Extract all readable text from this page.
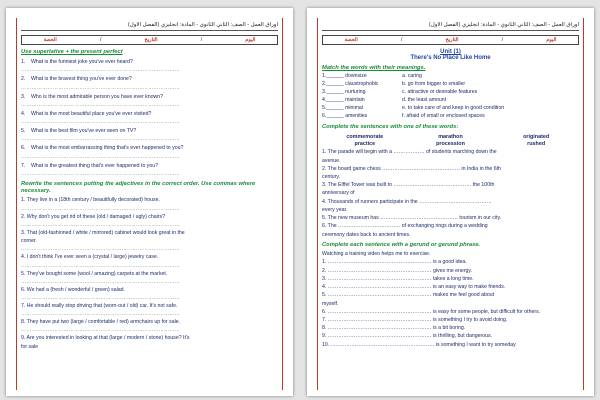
اوراق العمل - الصف: الثاني الثانوي - المادة: انجليزي (الفصل الاول)
اليوم
/
التاريخ
/
الحصة
Use superlative + the present perfect
1. What is the funniest joke you've ever heard?
………………………………………………………………………………
2. What is the bravest thing you've ever done?
………………………………………………………………………………
3. Who is the most admirable person you have ever known?
………………………………………………………………………………
4. What is the most beautiful place you've ever visited?
………………………………………………………………………………
5. What is the best film you've ever seen on TV?
………………………………………………………………………………
6. What is the most embarrassing thing that's ever happened to you?
………………………………………………………………………………
7. What is the greatest thing that's ever happened to you?
………………………………………………………………………………
Rewrite the sentences putting the adjectives in the correct order. Use commas where necessary.
1. They live in a (18th century / beautifully decorated) house.
………………………………………………………………………………
2. Why don't you get rid of these (old / damaged / ugly) chairs?
………………………………………………………………………………
3. That (old-fashioned / white / mirrored) cabinet would look great in the
corner.
………………………………………………………………………………
4. I don't think I've ever seen a (crystal / large) jewelry case.
………………………………………………………………………………
5. They've bought some (wool / amazing) carpets at the market.
………………………………………………………………………………
6. We had a (fresh / wonderful / green) salad.
………………………………………………………………………………
7. He should really stop driving that (worn-out / old) car. It's not safe.
………………………………………………………………………………
8. They have put two (large / comfortable / red) armchairs up for sale.
………………………………………………………………………………
9. Are you interested in looking at that (large / modern / stone) house? It's
for sale
اوراق العمل - الصف: الثاني الثانوي - المادة: انجليزي (الفصل الاول)
اليوم
/
التاريخ
/
الحصة
Unit (1)
There's No Place Like Home
Match the words with their meanings.
1.______ downsize	a. caring
2.______ claustrophobic	b. go from bigger to smaller
3.______ nurturing	c. attractive or desirable features
4.______ maintain	d. the least amount
5.______ minimal	e. to take care of and keep in good condition
6.______ amenities	f. afraid of small or enclosed spaces
Complete the sentences with one of these words:
commemorate	marathon	originated
practice	procession	rushed
1. The parade will begin with a ……………… of students marching down the
avenue.
2. The board game chess ……………………………………… in India in the 6th
century.
3. The Eiffel Tower was built to ……………………………………… the 100th
anniversary of
4. Thousands of runners participate in the ……………………………………
every year.
5. The new museum has ……………………………………… tourism in our city.
6. The ……………………………… of exchanging rings during a wedding
ceremony dates back to ancient times.
Complete each sentence with a gerund or gerund phrase.
Watching a training video helps me to exercise.
1. …………………………………………………… is a good idea.
2. …………………………………………………… gives me energy.
3. …………………………………………………… takes a long time.
4. …………………………………………………… is an easy way to make friends.
5. …………………………………………………… makes me feel good about
myself.
6. …………………………………………………… is easy for some people, but difficult for others.
7. …………………………………………………… is something I try to avoid doing.
8. …………………………………………………… is a bit boring.
9. …………………………………………………… is thrilling, but dangerous.
10. …………………………………………………… is something I want to try someday
